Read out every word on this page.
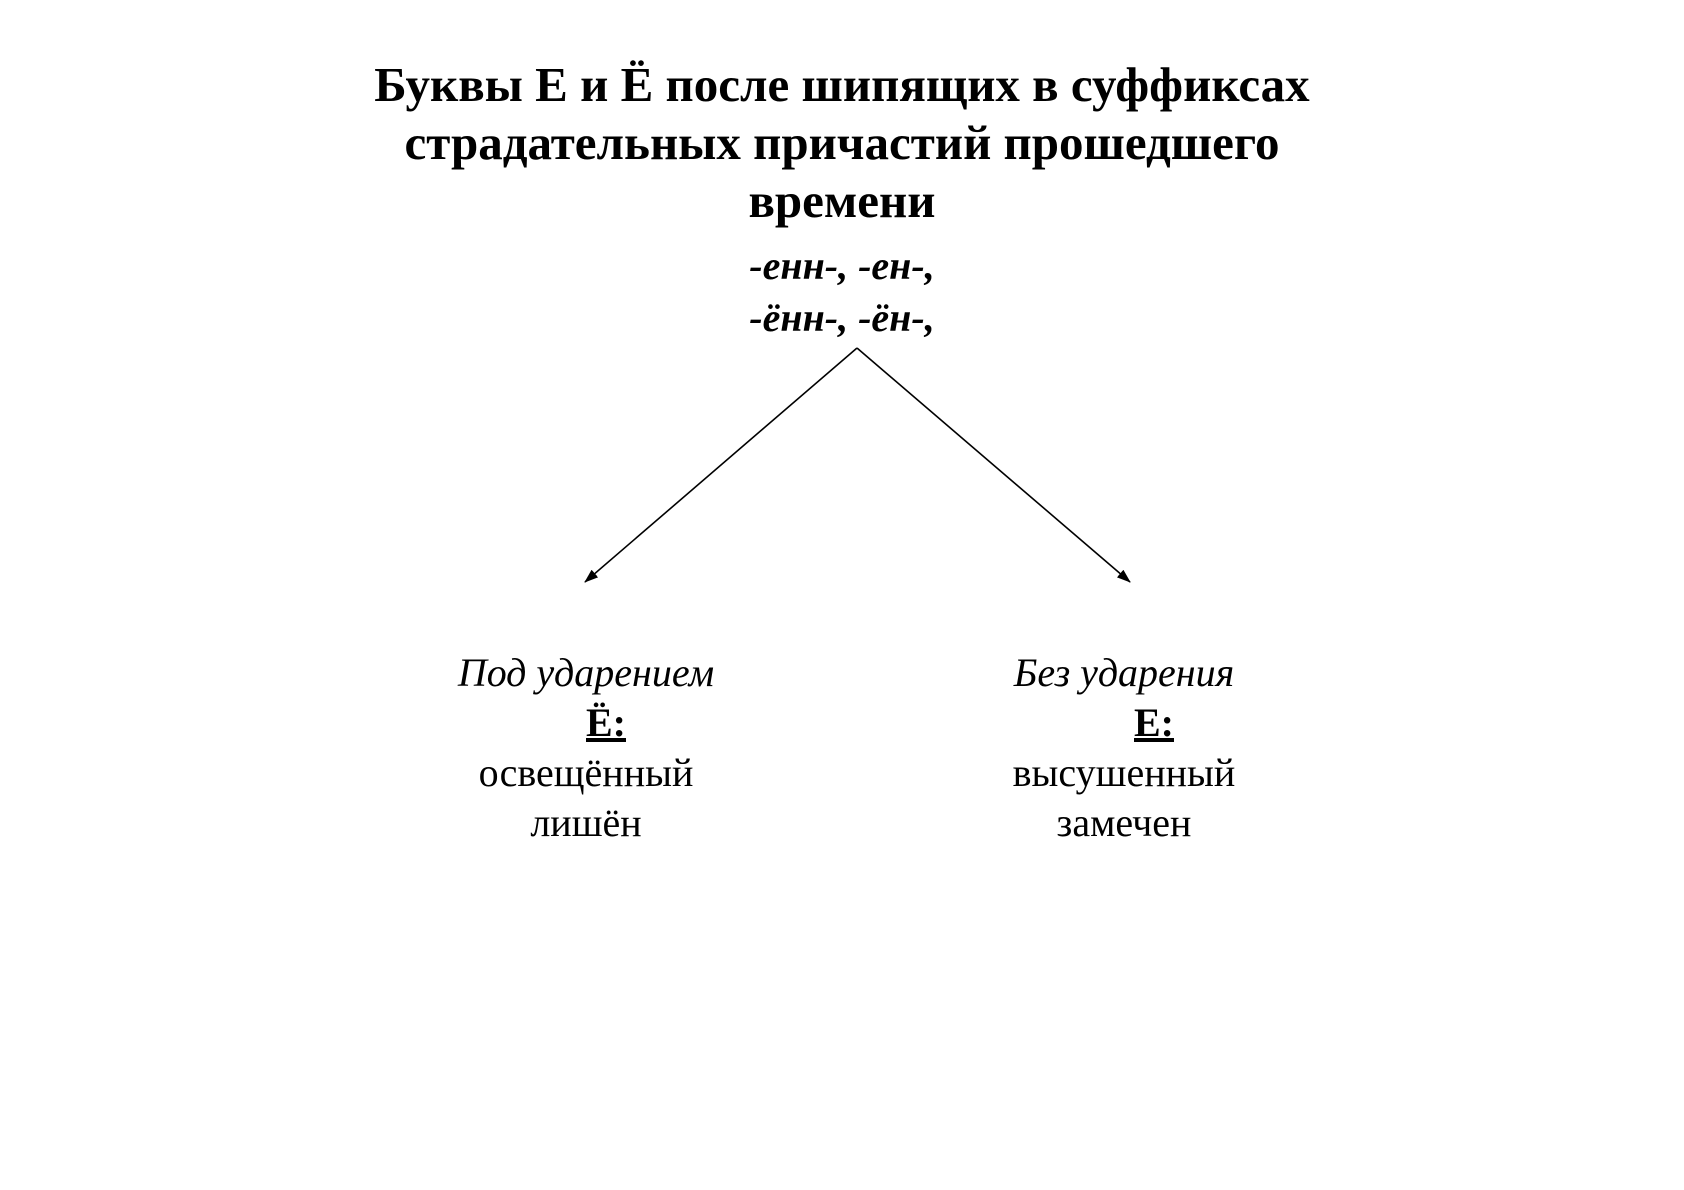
Буквы Е и Ё после шипящих в суффиксах
страдательных причастий прошедшего
времени
-енн-, -ен-,
-ённ-, -ён-,
Под ударением
Ё:
освещённый
лишён
Без ударения
Е:
высушенный
замечен
